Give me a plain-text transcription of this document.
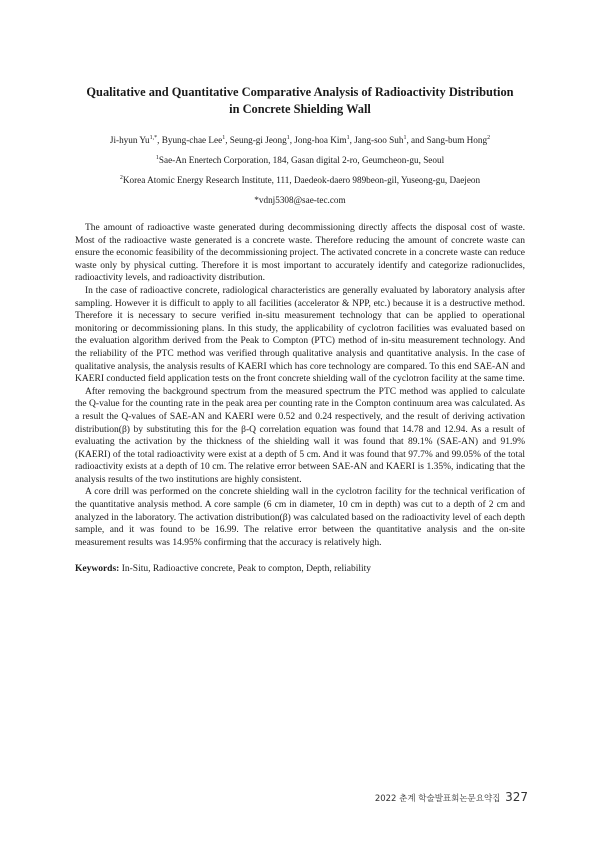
Qualitative and Quantitative Comparative Analysis of Radioactivity Distribution
in Concrete Shielding Wall
Ji-hyun $Yu^{1,*}$, Byung-chae Lee$^1$, Seung-gi Jeong$^1$, Jong-hoa Kim$^1$, Jang-soo Suh$^1$, and Sang-bum Hong$^2$
$^1$Sae-An Enertech Corporation, 184, Gasan digital 2-ro, Geumcheon-gu, Seoul
$^2$Korea Atomic Energy Research Institute, 111, Daedeok-daero 989beon-gil, Yuseong-gu, Daejeon
*vdnj5308@sae-tec.com

The amount of radioactive waste generated during decommissioning directly affects the disposal cost of waste. Most of the radioactive waste generated is a concrete waste. Therefore reducing the amount of concrete waste can ensure the economic feasibility of the decommissioning project. The activated concrete in a concrete waste can reduce waste only by physical cutting. Therefore it is most important to accurately identify and categorize radionuclides, radioactivity levels, and radioactivity distribution.

In the case of radioactive concrete, radiological characteristics are generally evaluated by laboratory analysis after sampling. However it is difficult to apply to all facilities (accelerator & NPP, etc.) because it is a destructive method. Therefore it is necessary to secure verified in-situ measurement technology that can be applied to operational monitoring or decommissioning plans. In this study, the applicability of cyclotron facilities was evaluated based on the evaluation algorithm derived from the Peak to Compton (PTC) method of in-situ measurement technology. And the reliability of the PTC method was verified through qualitative analysis and quantitative analysis. In the case of qualitative analysis, the analysis results of KAERI which has core technology are compared. To this end SAE-AN and KAERI conducted field application tests on the front concrete shielding wall of the cyclotron facility at the same time.

After removing the background spectrum from the measured spectrum the PTC method was applied to calculate the Q-value for the counting rate in the peak area per counting rate in the Compton continuum area was calculated. As a result the Q-values of SAE-AN and KAERI were 0.52 and 0.24 respectively, and the result of deriving activation distribution(β) by substituting this for the β-Q correlation equation was found that 14.78 and 12.94. As a result of evaluating the activation by the thickness of the shielding wall it was found that 89.1% (SAE-AN) and 91.9% (KAERI) of the total radioactivity were exist at a depth of 5 cm. And it was found that 97.7% and 99.05% of the total radioactivity exists at a depth of 10 cm. The relative error between SAE-AN and KAERI is 1.35%, indicating that the analysis results of the two institutions are highly consistent.

A core drill was performed on the concrete shielding wall in the cyclotron facility for the technical verification of the quantitative analysis method. A core sample (6 cm in diameter, 10 cm in depth) was cut to a depth of 2 cm and analyzed in the laboratory. The activation distribution(β) was calculated based on the radioactivity level of each depth sample, and it was found to be 16.99. The relative error between the quantitative analysis and the on-site measurement results was 14.95% confirming that the accuracy is relatively high.

Keywords: In-Situ, Radioactive concrete, Peak to compton, Depth, reliability

2022 춘계 학술발표회논문요약집 327
